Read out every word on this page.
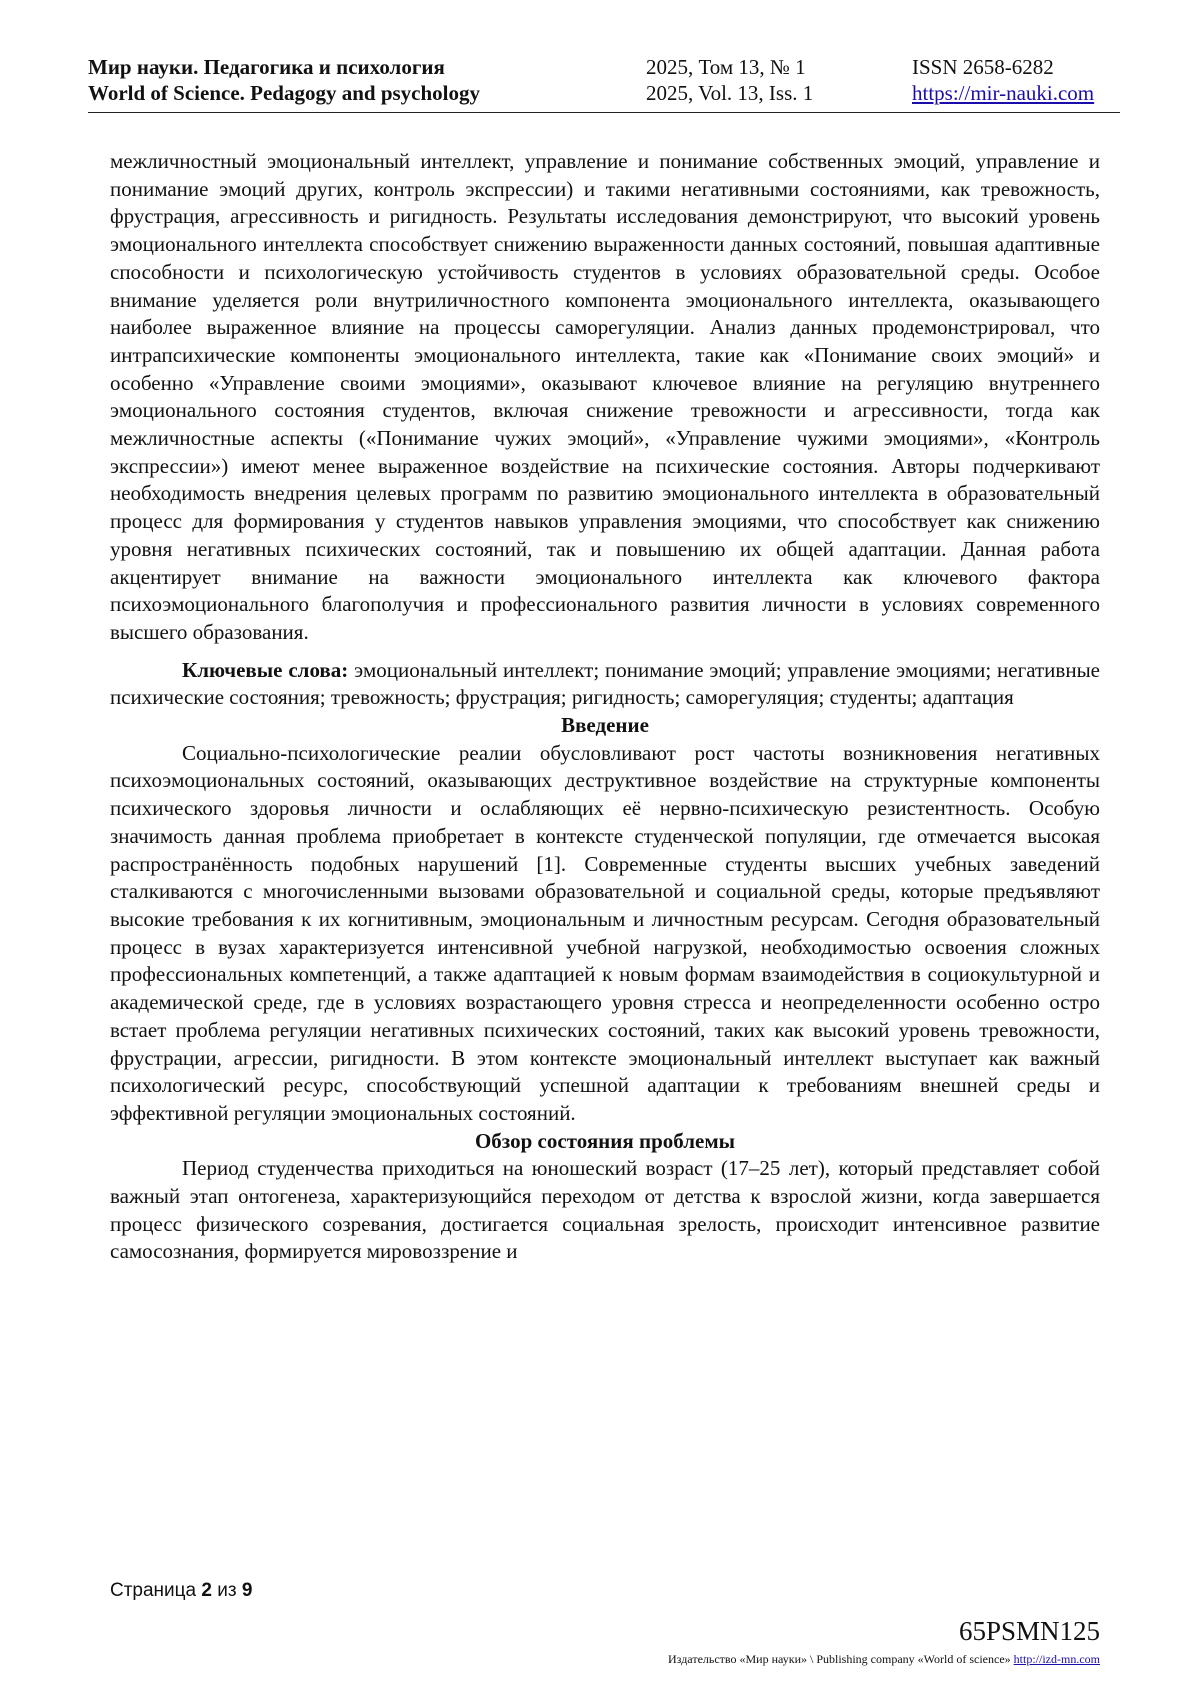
Мир науки. Педагогика и психология
World of Science. Pedagogy and psychology
2025, Том 13, № 1
2025, Vol. 13, Iss. 1
ISSN 2658-6282
https://mir-nauki.com

межличностный эмоциональный интеллект, управление и понимание собственных эмоций, управление и понимание эмоций других, контроль экспрессии) и такими негативными состояниями, как тревожность, фрустрация, агрессивность и ригидность. Результаты исследования демонстрируют, что высокий уровень эмоционального интеллекта способствует снижению выраженности данных состояний, повышая адаптивные способности и психологическую устойчивость студентов в условиях образовательной среды. Особое внимание уделяется роли внутриличностного компонента эмоционального интеллекта, оказывающего наиболее выраженное влияние на процессы саморегуляции. Анализ данных продемонстрировал, что интрапсихические компоненты эмоционального интеллекта, такие как «Понимание своих эмоций» и особенно «Управление своими эмоциями», оказывают ключевое влияние на регуляцию внутреннего эмоционального состояния студентов, включая снижение тревожности и агрессивности, тогда как межличностные аспекты («Понимание чужих эмоций», «Управление чужими эмоциями», «Контроль экспрессии») имеют менее выраженное воздействие на психические состояния. Авторы подчеркивают необходимость внедрения целевых программ по развитию эмоционального интеллекта в образовательный процесс для формирования у студентов навыков управления эмоциями, что способствует как снижению уровня негативных психических состояний, так и повышению их общей адаптации. Данная работа акцентирует внимание на важности эмоционального интеллекта как ключевого фактора психоэмоционального благополучия и профессионального развития личности в условиях современного высшего образования.

Ключевые слова: эмоциональный интеллект; понимание эмоций; управление эмоциями; негативные психические состояния; тревожность; фрустрация; ригидность; саморегуляция; студенты; адаптация

Введение

Социально-психологические реалии обусловливают рост частоты возникновения негативных психоэмоциональных состояний, оказывающих деструктивное воздействие на структурные компоненты психического здоровья личности и ослабляющих её нервно-психическую резистентность. Особую значимость данная проблема приобретает в контексте студенческой популяции, где отмечается высокая распространённость подобных нарушений [1]. Современные студенты высших учебных заведений сталкиваются с многочисленными вызовами образовательной и социальной среды, которые предъявляют высокие требования к их когнитивным, эмоциональным и личностным ресурсам. Сегодня образовательный процесс в вузах характеризуется интенсивной учебной нагрузкой, необходимостью освоения сложных профессиональных компетенций, а также адаптацией к новым формам взаимодействия в социокультурной и академической среде, где в условиях возрастающего уровня стресса и неопределенности особенно остро встает проблема регуляции негативных психических состояний, таких как высокий уровень тревожности, фрустрации, агрессии, ригидности. В этом контексте эмоциональный интеллект выступает как важный психологический ресурс, способствующий успешной адаптации к требованиям внешней среды и эффективной регуляции эмоциональных состояний.

Обзор состояния проблемы

Период студенчества приходиться на юношеский возраст (17–25 лет), который представляет собой важный этап онтогенеза, характеризующийся переходом от детства к взрослой жизни, когда завершается процесс физического созревания, достигается социальная зрелость, происходит интенсивное развитие самосознания, формируется мировоззрение и

Страница 2 из 9
65PSMN125
Издательство «Мир науки» \ Publishing company «World of science» http://izd-mn.com
